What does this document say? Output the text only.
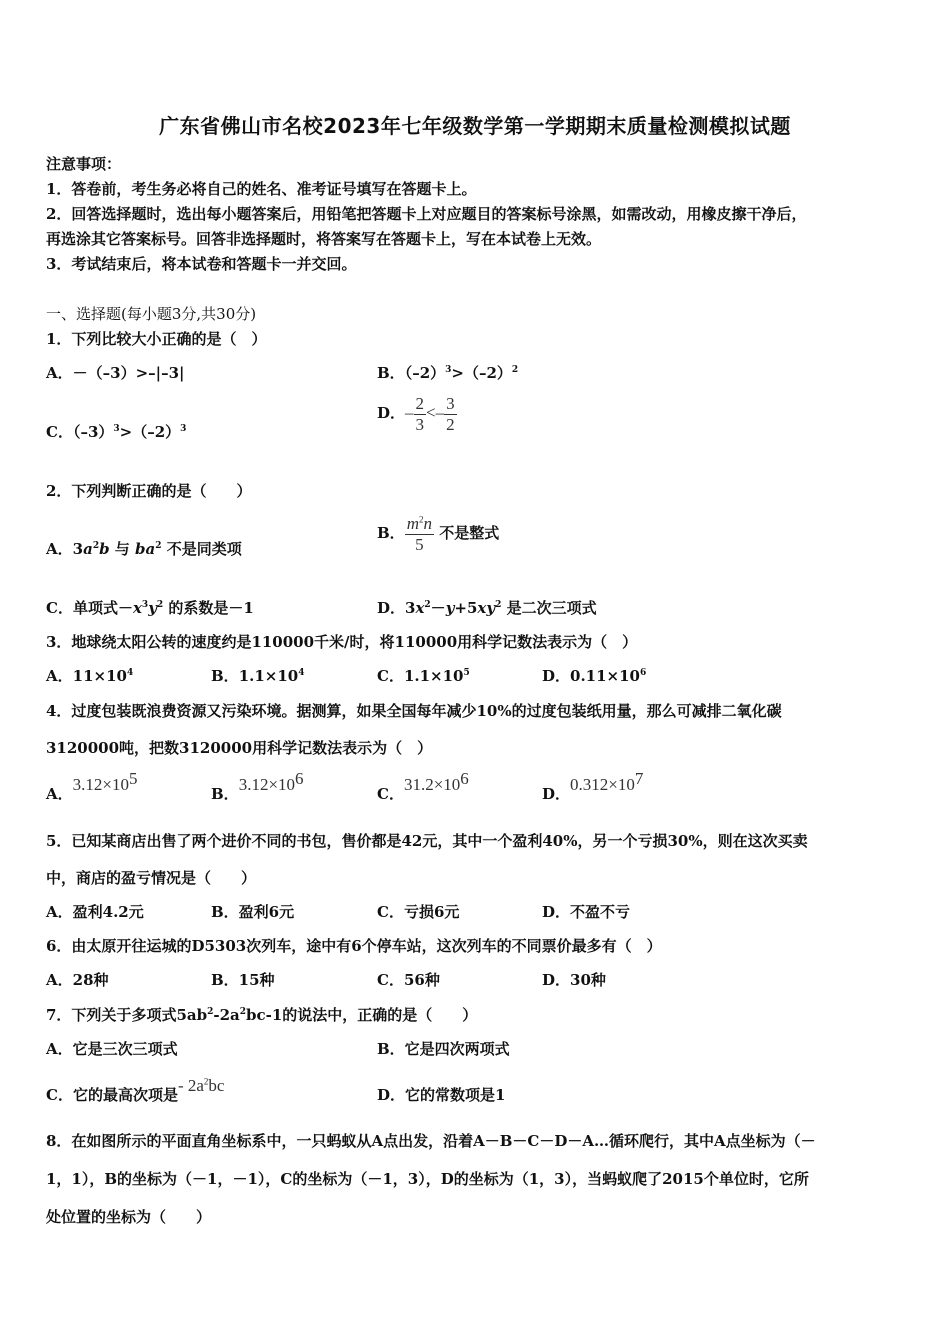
广东省佛山市名校2023年七年级数学第一学期期末质量检测模拟试题
注意事项：
1．答卷前，考生务必将自己的姓名、准考证号填写在答题卡上。
2．回答选择题时，选出每小题答案后，用铅笔把答题卡上对应题目的答案标号涂黑，如需改动，用橡皮擦干净后，
再选涂其它答案标号。回答非选择题时，将答案写在答题卡上，写在本试卷上无效。
3．考试结束后，将本试卷和答题卡一并交回。
一、选择题(每小题3分,共30分)
1．下列比较大小正确的是（　）
A．－（–3）>–|–3|	B．$(-2)^3>(-2)^2$
C．$(-3)^3>(-2)^3$
D．– $\frac{2}{3} <- \frac{3}{2}$
2．下列判断正确的是（　　）
A．$3a^2b$ 与 $ba^2$ 不是同类项
B． $\frac{m^2n}{5}$ 不是整式
C．单项式$-x^3y^2$ 的系数是－1	D．$3x^2-y+5xy^2$ 是二次三项式
3．地球绕太阳公转的速度约是110000千米/时，将110000用科学记数法表示为（　）
A．$11\times 10^4$	B．$1.1\times 10^4$	C．$1.1\times 10^5$	D．$0.11\times 10^6$
4．过度包装既浪费资源又污染环境。据测算，如果全国每年减少10%的过度包装纸用量，那么可减排二氧化碳
3120000吨，把数3120000用科学记数法表示为（　）
A．$3.12\times 10^5$
B．$3.12\times 10^6$
C．$31.2\times 10^6$
D．$0.312\times 10^7$
5．已知某商店出售了两个进价不同的书包，售价都是42元，其中一个盈利40%，另一个亏损30%，则在这次买卖
中，商店的盈亏情况是（　　）
A．盈利4.2元	B．盈利6元	C．亏损6元	D．不盈不亏
6．由太原开往运城的D5303次列车，途中有6个停车站，这次列车的不同票价最多有（　）
A．28种	B．15种	C．56种	D．30种
7．下列关于多项式$5ab^2-2a^2bc-1$的说法中，正确的是（　　）
A．它是三次三项式	B．它是四次两项式
C．它的最高次项是- $2a^2bc$	D．它的常数项是1
8．在如图所示的平面直角坐标系中，一只蚂蚁从A点出发，沿着A－B－C－D－A…循环爬行，其中A点坐标为（－
1，1），B的坐标为（－1，－1），C的坐标为（－1，3），D的坐标为（1，3），当蚂蚁爬了2015个单位时，它所
处位置的坐标为（　　）
